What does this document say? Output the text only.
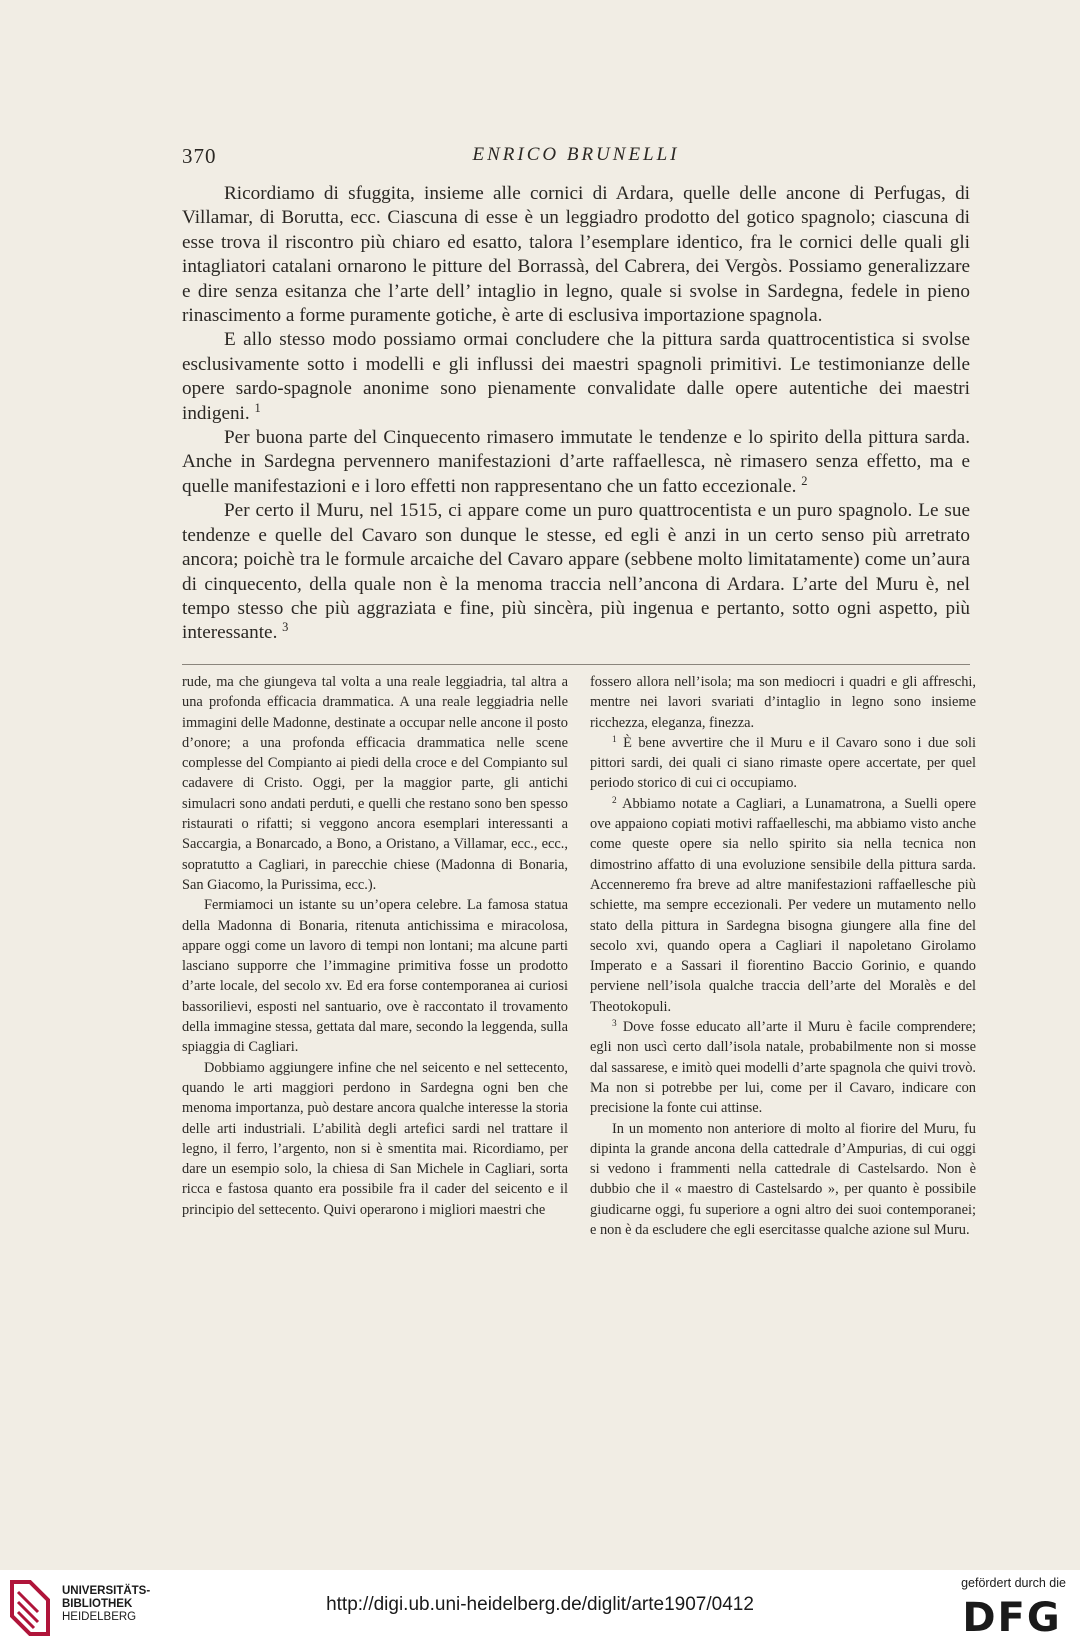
370	ENRICO BRUNELLI

Ricordiamo di sfuggita, insieme alle cornici di Ardara, quelle delle ancone di Perfugas, di Villamar, di Borutta, ecc. Ciascuna di esse è un leggiadro prodotto del gotico spagnolo; ciascuna di esse trova il riscontro più chiaro ed esatto, talora l’esemplare identico, fra le cornici delle quali gli intagliatori catalani ornarono le pitture del Borrassà, del Cabrera, dei Vergòs. Possiamo generalizzare e dire senza esitanza che l’arte dell’ intaglio in legno, quale si svolse in Sardegna, fedele in pieno rinascimento a forme puramente gotiche, è arte di esclusiva importazione spagnola.

E allo stesso modo possiamo ormai concludere che la pittura sarda quattrocentistica si svolse esclusivamente sotto i modelli e gli influssi dei maestri spagnoli primitivi. Le testimonianze delle opere sardo-spagnole anonime sono pienamente convalidate dalle opere autentiche dei maestri indigeni. $^1$

Per buona parte del Cinquecento rimasero immutate le tendenze e lo spirito della pittura sarda. Anche in Sardegna pervennero manifestazioni d’arte raffaellesca, nè rimasero senza effetto, ma e quelle manifestazioni e i loro effetti non rappresentano che un fatto eccezionale. $^2$

Per certo il Muru, nel 1515, ci appare come un puro quattrocentista e un puro spagnolo. Le sue tendenze e quelle del Cavaro son dunque le stesse, ed egli è anzi in un certo senso più arretrato ancora; poichè tra le formule arcaiche del Cavaro appare (sebbene molto limitatamente) come un’aura di cinquecento, della quale non è la menoma traccia nell’ancona di Ardara. L’arte del Muru è, nel tempo stesso che più aggraziata e fine, più sincèra, più ingenua e pertanto, sotto ogni aspetto, più interessante. $^3$

rude, ma che giungeva tal volta a una reale leggiadria, tal altra a una profonda efficacia drammatica. A una reale leggiadria nelle immagini delle Madonne, destinate a occupar nelle ancone il posto d’onore; a una profonda efficacia drammatica nelle scene complesse del Compianto ai piedi della croce e del Compianto sul cadavere di Cristo. Oggi, per la maggior parte, gli antichi simulacri sono andati perduti, e quelli che restano sono ben spesso ristaurati o rifatti; si veggono ancora esemplari interessanti a Saccargia, a Bonarcado, a Bono, a Oristano, a Villamar, ecc., ecc., sopratutto a Cagliari, in parecchie chiese (Madonna di Bonaria, San Giacomo, la Purissima, ecc.).

Fermiamoci un istante su un’opera celebre. La famosa statua della Madonna di Bonaria, ritenuta antichissima e miracolosa, appare oggi come un lavoro di tempi non lontani; ma alcune parti lasciano supporre che l’immagine primitiva fosse un prodotto d’arte locale, del secolo xv. Ed era forse contemporanea ai curiosi bassorilievi, esposti nel santuario, ove è raccontato il trovamento della immagine stessa, gettata dal mare, secondo la leggenda, sulla spiaggia di Cagliari.

Dobbiamo aggiungere infine che nel seicento e nel settecento, quando le arti maggiori perdono in Sardegna ogni ben che menoma importanza, può destare ancora qualche interesse la storia delle arti industriali. L’abilità degli artefici sardi nel trattare il legno, il ferro, l’argento, non si è smentita mai. Ricordiamo, per dare un esempio solo, la chiesa di San Michele in Cagliari, sorta ricca e fastosa quanto era possibile fra il cader del seicento e il principio del settecento. Quivi operarono i migliori maestri che

fossero allora nell’isola; ma son mediocri i quadri e gli affreschi, mentre nei lavori svariati d’intaglio in legno sono insieme ricchezza, eleganza, finezza.

$^1$ È bene avvertire che il Muru e il Cavaro sono i due soli pittori sardi, dei quali ci siano rimaste opere accertate, per quel periodo storico di cui ci occupiamo.

$^2$ Abbiamo notate a Cagliari, a Lunamatrona, a Suelli opere ove appaiono copiati motivi raffaelleschi, ma abbiamo visto anche come queste opere sia nello spirito sia nella tecnica non dimostrino affatto di una evoluzione sensibile della pittura sarda. Accenneremo fra breve ad altre manifestazioni raffaellesche più schiette, ma sempre eccezionali. Per vedere un mutamento nello stato della pittura in Sardegna bisogna giungere alla fine del secolo xvi, quando opera a Cagliari il napoletano Girolamo Imperato e a Sassari il fiorentino Baccio Gorinio, e quando perviene nell’isola qualche traccia dell’arte del Moralès e del Theotokopuli.

$^3$ Dove fosse educato all’arte il Muru è facile comprendere; egli non uscì certo dall’isola natale, probabilmente non si mosse dal sassarese, e imitò quei modelli d’arte spagnola che quivi trovò. Ma non si potrebbe per lui, come per il Cavaro, indicare con precisione la fonte cui attinse.

In un momento non anteriore di molto al fiorire del Muru, fu dipinta la grande ancona della cattedrale d’Ampurias, di cui oggi si vedono i frammenti nella cattedrale di Castelsardo. Non è dubbio che il « maestro di Castelsardo », per quanto è possibile giudicarne oggi, fu superiore a ogni altro dei suoi contemporanei; e non è da escludere che egli esercitasse qualche azione sul Muru.

UNIVERSITÄTS-
BIBLIOTHEK
HEIDELBERG
http://digi.ub.uni-heidelberg.de/diglit/arte1907/0412
gefördert durch die
DFG
